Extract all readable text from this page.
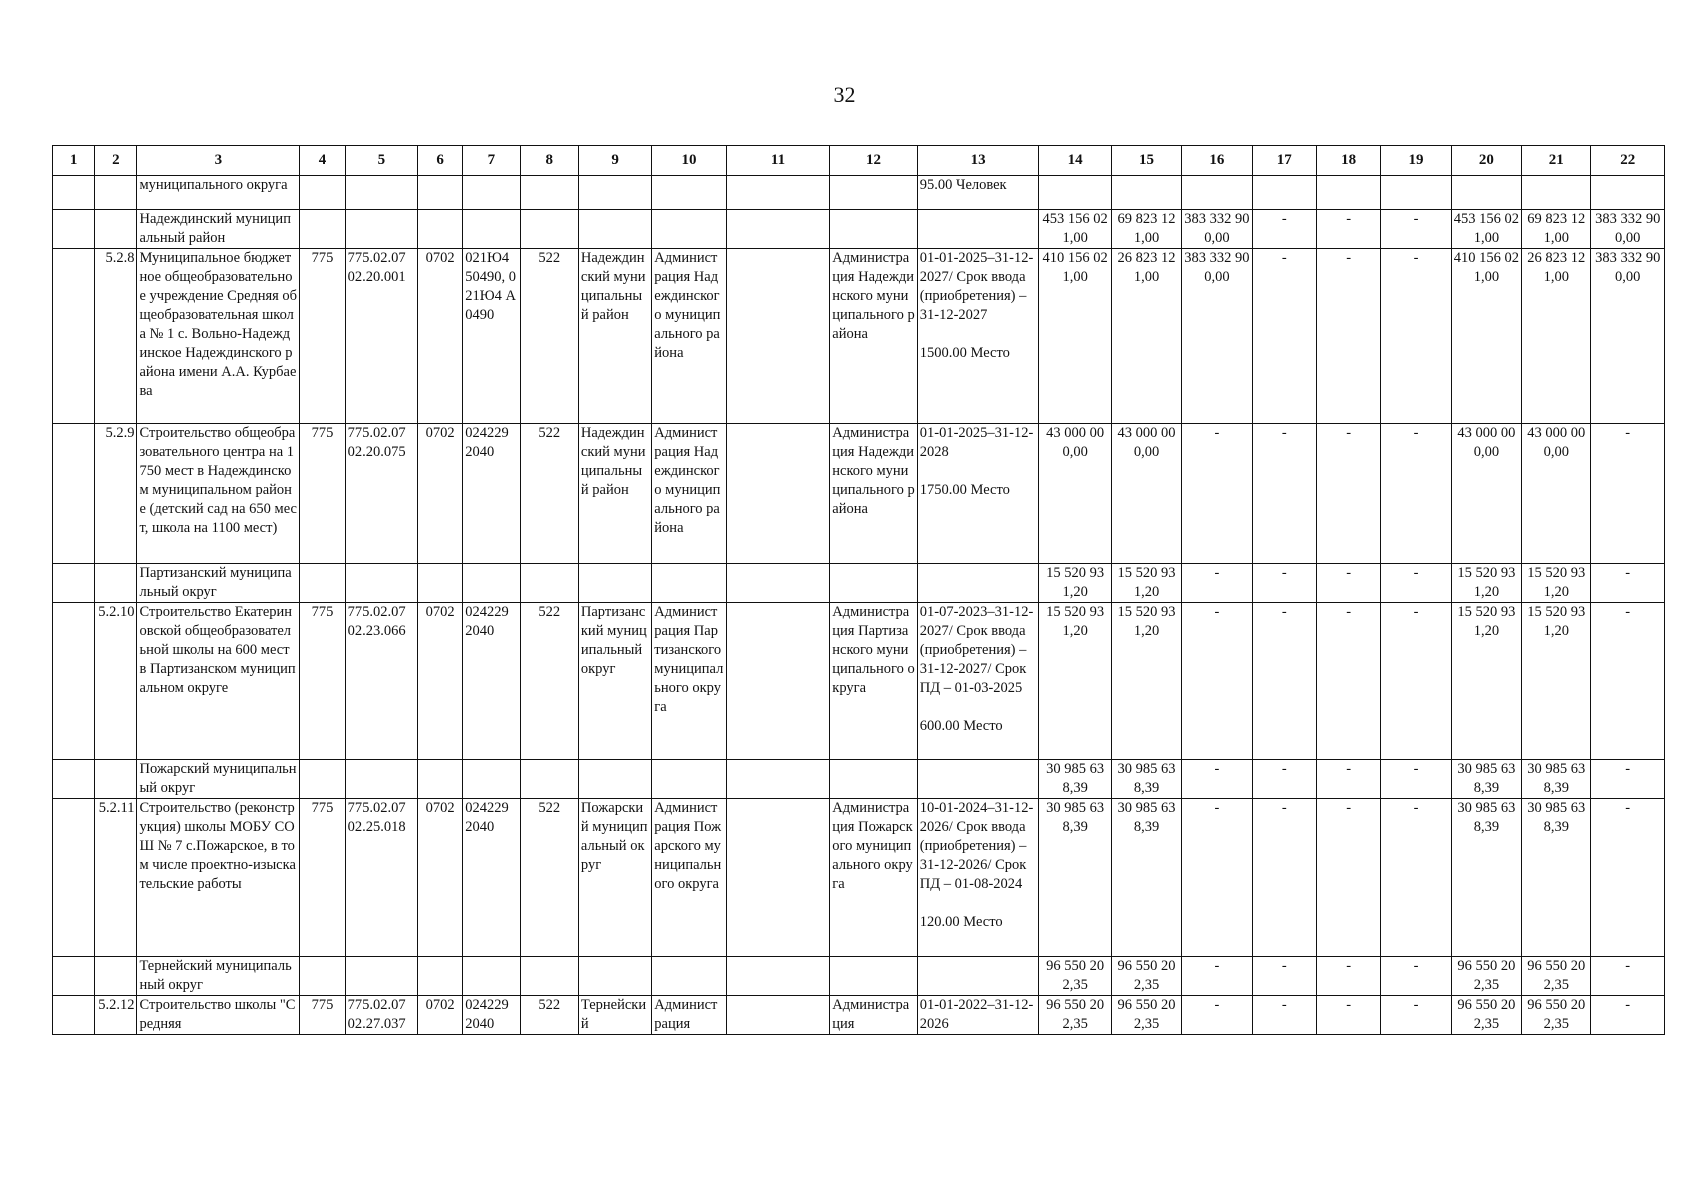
32
1	2	3	4	5	6	7	8	9	10	11	12	13	14	15	16	17	18	19	20	21	22
		муниципального округа										95.00 Человек									
		Надеждинский муниципальный район											453 156 021,00	69 823 121,00	383 332 900,00	-	-	-	453 156 021,00	69 823 121,00	383 332 900,00
	5.2.8	Муниципальное бюджетное общеобразовательное учреждение Средняя общеобразовательная школа № 1 с. Вольно-Надеждинское Надеждинского района имени А.А. Курбаева	775	775.02.07 02.20.001	0702	021Ю4 50490, 021Ю4 А0490	522	Надеждинский муниципальный район	Администрация Надеждинского муниципального района		Администрация Надеждинского муниципального района	01-01-2025–31-12-2027/ Срок ввода (приобретения) – 31-12-2027
1500.00 Место	410 156 021,00	26 823 121,00	383 332 900,00	-	-	-	410 156 021,00	26 823 121,00	383 332 900,00
	5.2.9	Строительство общеобразовательного центра на 1750 мест в Надеждинском муниципальном районе (детский сад на 650 мест, школа на 1100 мест)	775	775.02.07 02.20.075	0702	024229 2040	522	Надеждинский муниципальный район	Администрация Надеждинского муниципального района		Администрация Надеждинского муниципального района	01-01-2025–31-12-2028
1750.00 Место	43 000 000,00	43 000 000,00	-	-	-	-	43 000 000,00	43 000 000,00	-
		Партизанский муниципальный округ											15 520 931,20	15 520 931,20	-	-	-	-	15 520 931,20	15 520 931,20	-
	5.2.10	Строительство Екатериновской общеобразовательной школы на 600 мест в Партизанском муниципальном округе	775	775.02.07 02.23.066	0702	024229 2040	522	Партизанский муниципальный округ	Администрация Партизанского муниципального округа		Администрация Партизанского муниципального округа	01-07-2023–31-12-2027/ Срок ввода (приобретения) – 31-12-2027/ Срок ПД – 01-03-2025
600.00 Место	15 520 931,20	15 520 931,20	-	-	-	-	15 520 931,20	15 520 931,20	-
		Пожарский муниципальный округ											30 985 638,39	30 985 638,39	-	-	-	-	30 985 638,39	30 985 638,39	-
	5.2.11	Строительство (реконструкция) школы МОБУ СОШ № 7 с.Пожарское, в том числе проектно-изыскательские работы	775	775.02.07 02.25.018	0702	024229 2040	522	Пожарский муниципальный округ	Администрация Пожарского муниципального округа		Администрация Пожарского муниципального округа	10-01-2024–31-12-2026/ Срок ввода (приобретения) – 31-12-2026/ Срок ПД – 01-08-2024
120.00 Место	30 985 638,39	30 985 638,39	-	-	-	-	30 985 638,39	30 985 638,39	-
		Тернейский муниципальный округ											96 550 202,35	96 550 202,35	-	-	-	-	96 550 202,35	96 550 202,35	-
	5.2.12	Строительство школы "Средняя	775	775.02.07 02.27.037	0702	024229 2040	522	Тернейский	Администрация		Администрация	01-01-2022–31-12-2026	96 550 202,35	96 550 202,35	-	-	-	-	96 550 202,35	96 550 202,35	-
